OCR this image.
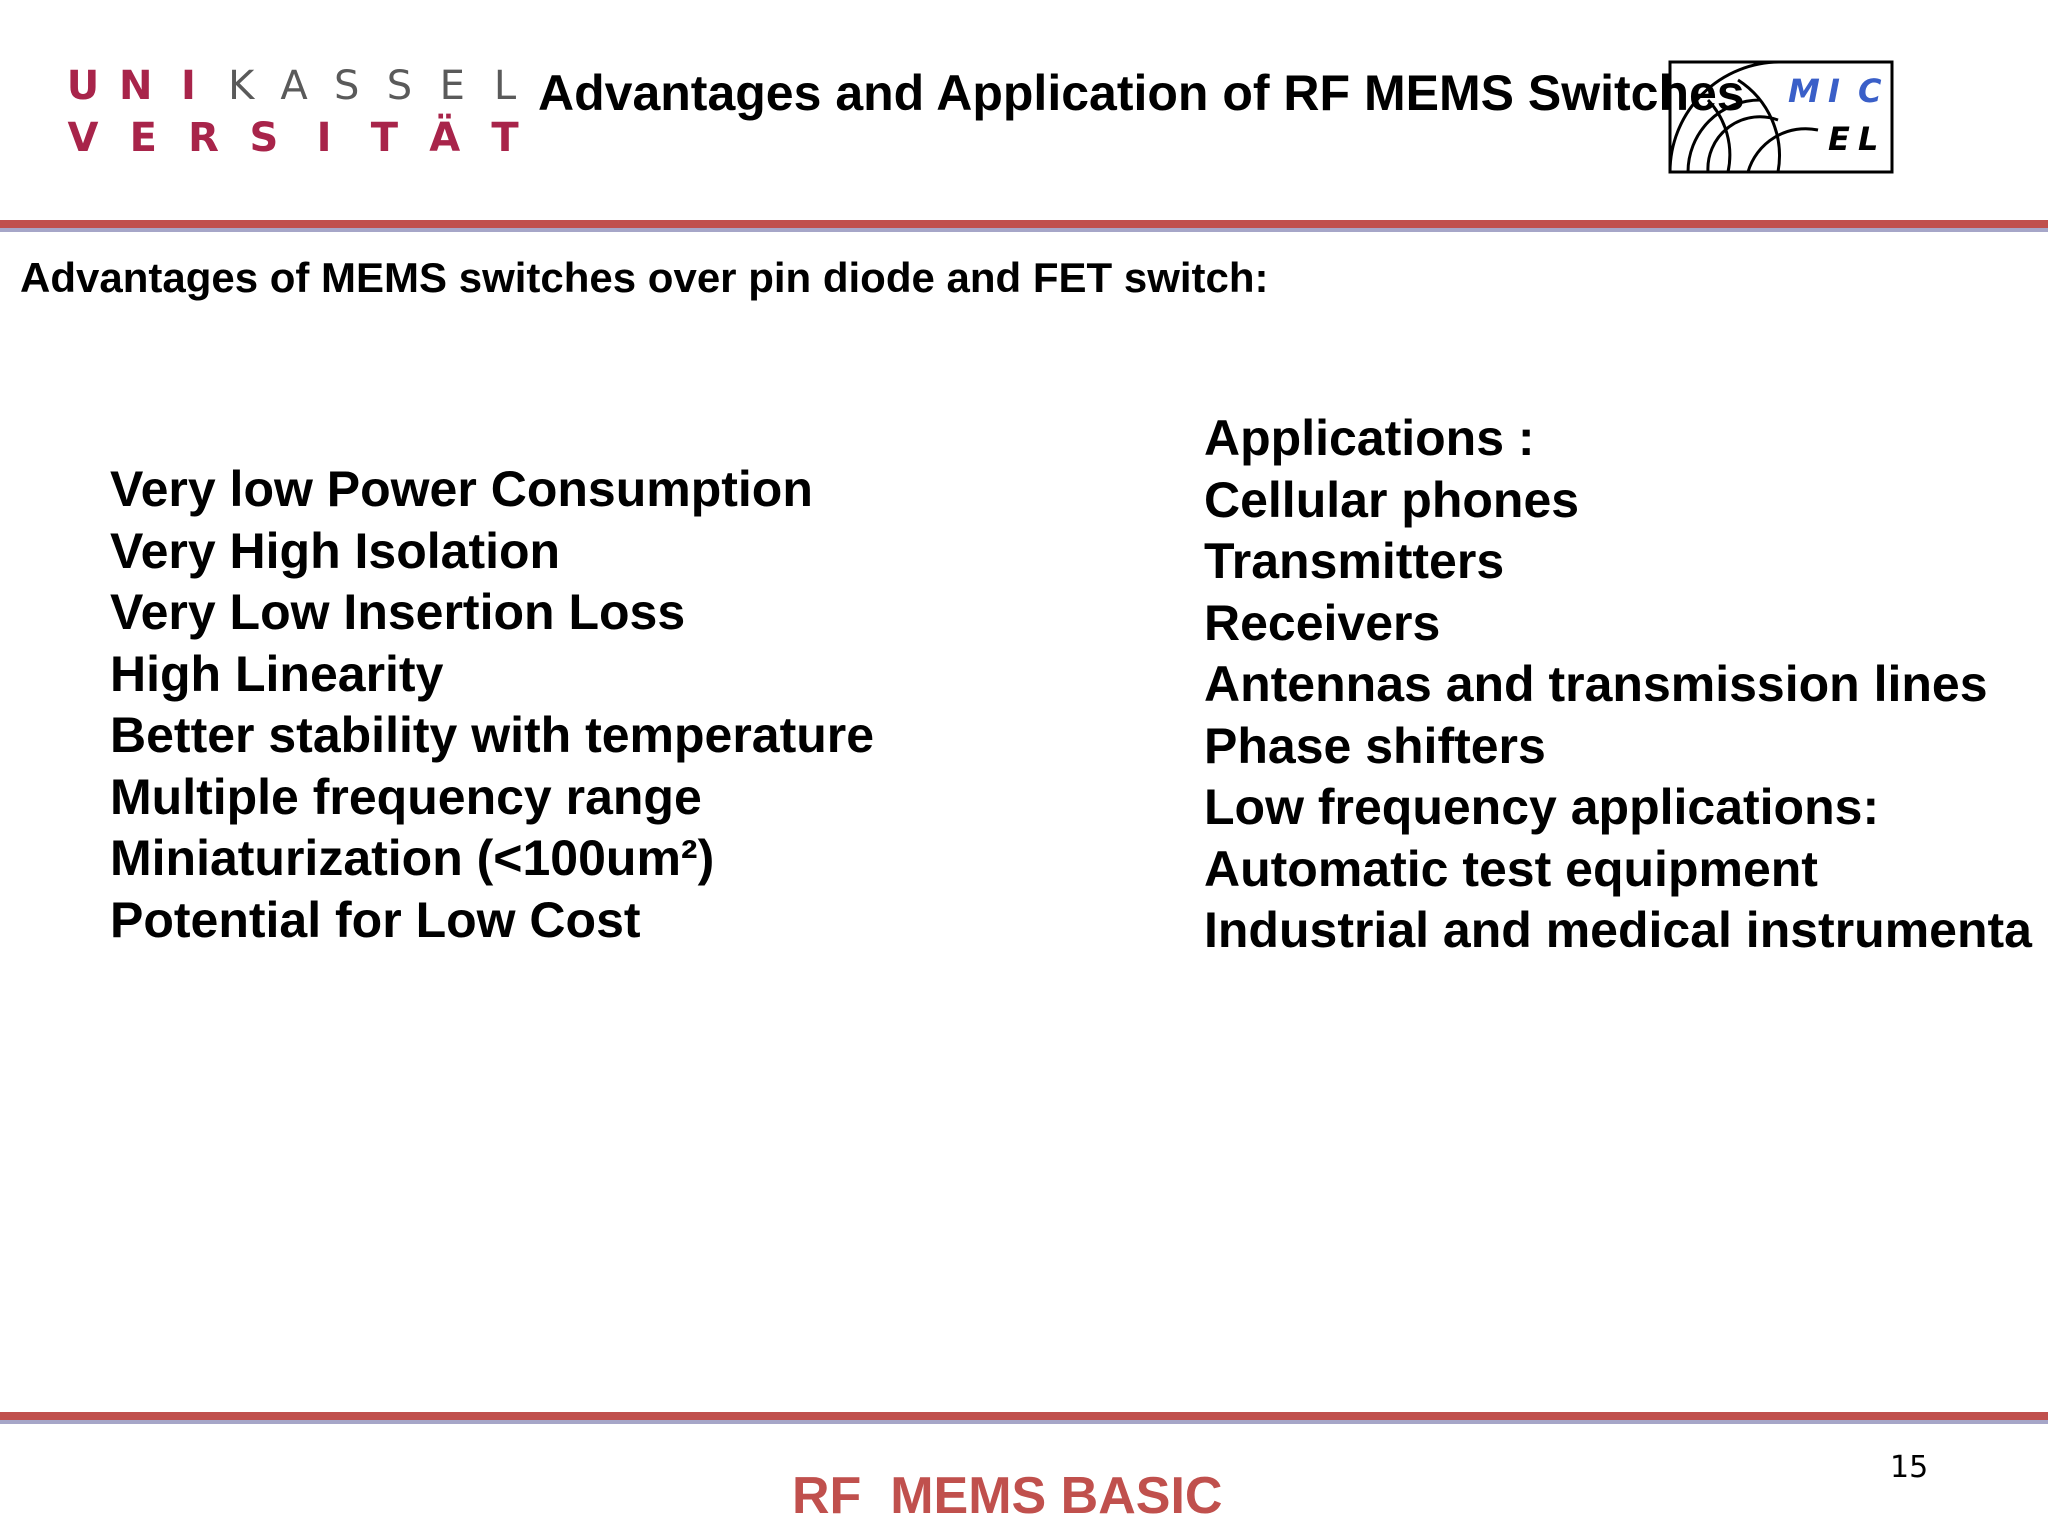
U N I K A S S E L
V E R S I T Ä T
Advantages and Application of RF MEMS Switches M I C
E L
Advantages of MEMS switches over pin diode and FET switch:
Very low Power Consumption
Very High Isolation
Very Low Insertion Loss
High Linearity
Better stability with temperature
Multiple frequency range
Miniaturization (<100um²)
Potential for Low Cost
Applications :
Cellular phones
Transmitters
Receivers
Antennas and transmission lines
Phase shifters
Low frequency applications:
Automatic test equipment
Industrial and medical instrumenta
15
RF  MEMS BASIC
